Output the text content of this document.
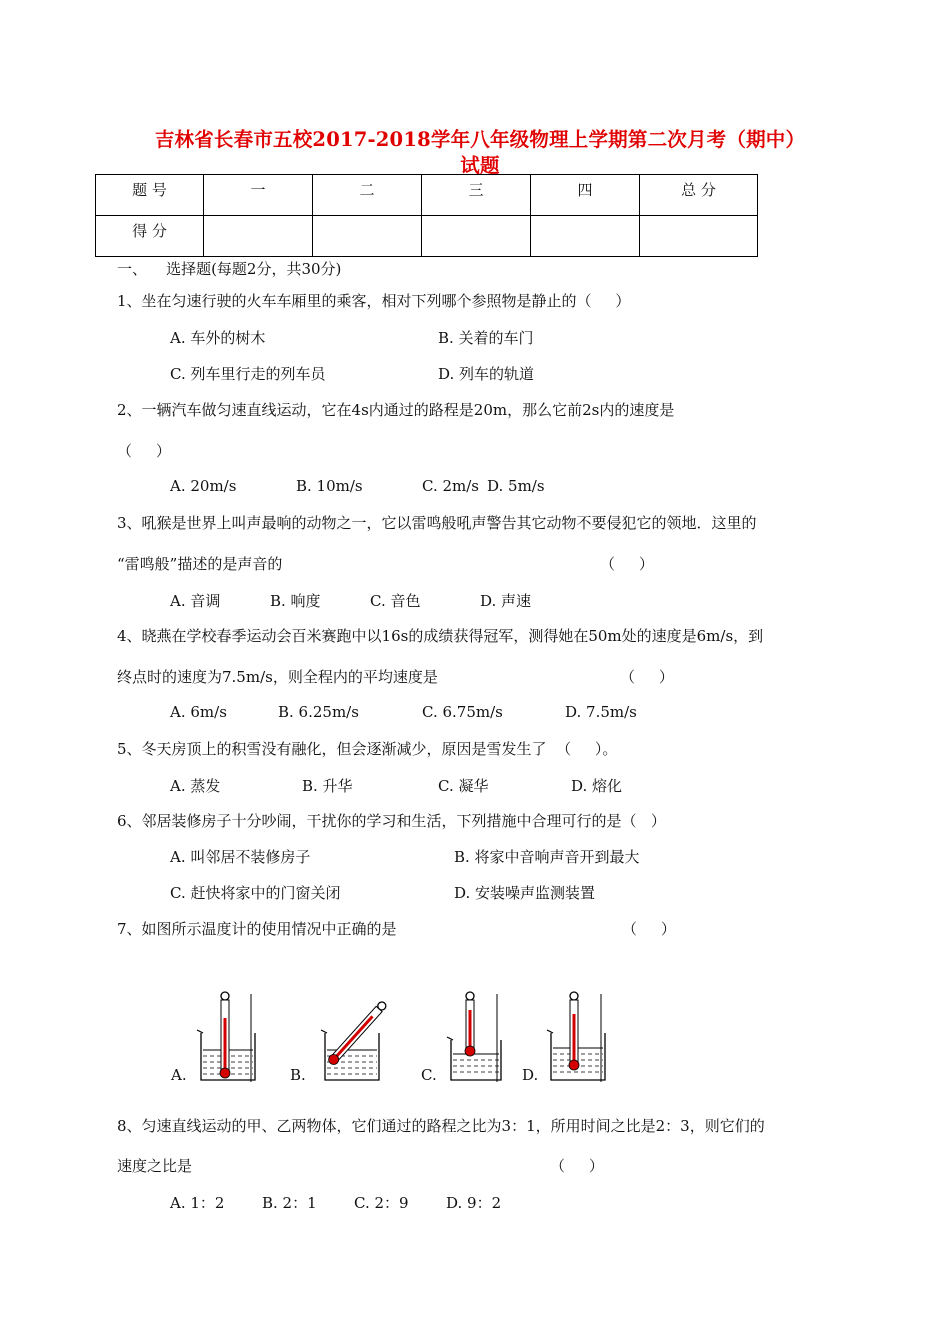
吉林省长春市五校2017-2018学年八年级物理上学期第二次月考（期中）
试题
题 号	一	二	三	四	总 分
得 分					
一、    选择题(每题2分，共30分)
1、坐在匀速行驶的火车车厢里的乘客，相对下列哪个参照物是静止的（     ）
A. 车外的树木	B. 关着的车门
C. 列车里行走的列车员	D. 列车的轨道
2、一辆汽车做匀速直线运动，它在4s内通过的路程是20m，那么它前2s内的速度是
（     ）
A. 20m/s	B. 10m/s	C. 2m/s D. 5m/s
3、吼猴是世界上叫声最响的动物之一，它以雷鸣般吼声警告其它动物不要侵犯它的领地．这里的
“雷鸣般”描述的是声音的	（     ）
A. 音调	B. 响度	C. 音色	D. 声速
4、晓燕在学校春季运动会百米赛跑中以16s的成绩获得冠军，测得她在50m处的速度是6m/s，到
终点时的速度为7.5m/s，则全程内的平均速度是	（     ）
A. 6m/s	B. 6.25m/s	C. 6.75m/s	D. 7.5m/s
5、冬天房顶上的积雪没有融化，但会逐渐减少，原因是雪发生了  （     ）。
A. 蒸发	B. 升华	C. 凝华	D. 熔化
6、邻居装修房子十分吵闹，干扰你的学习和生活，下列措施中合理可行的是（   ）
A. 叫邻居不装修房子	B. 将家中音响声音开到最大
C. 赶快将家中的门窗关闭	D. 安装噪声监测装置
7、如图所示温度计的使用情况中正确的是	（     ）
A.	B.	C.	D.
8、匀速直线运动的甲、乙两物体，它们通过的路程之比为3：1，所用时间之比是2：3，则它们的
速度之比是	（     ）
A. 1：2	B. 2：1 C. 2：9 D. 9：2
